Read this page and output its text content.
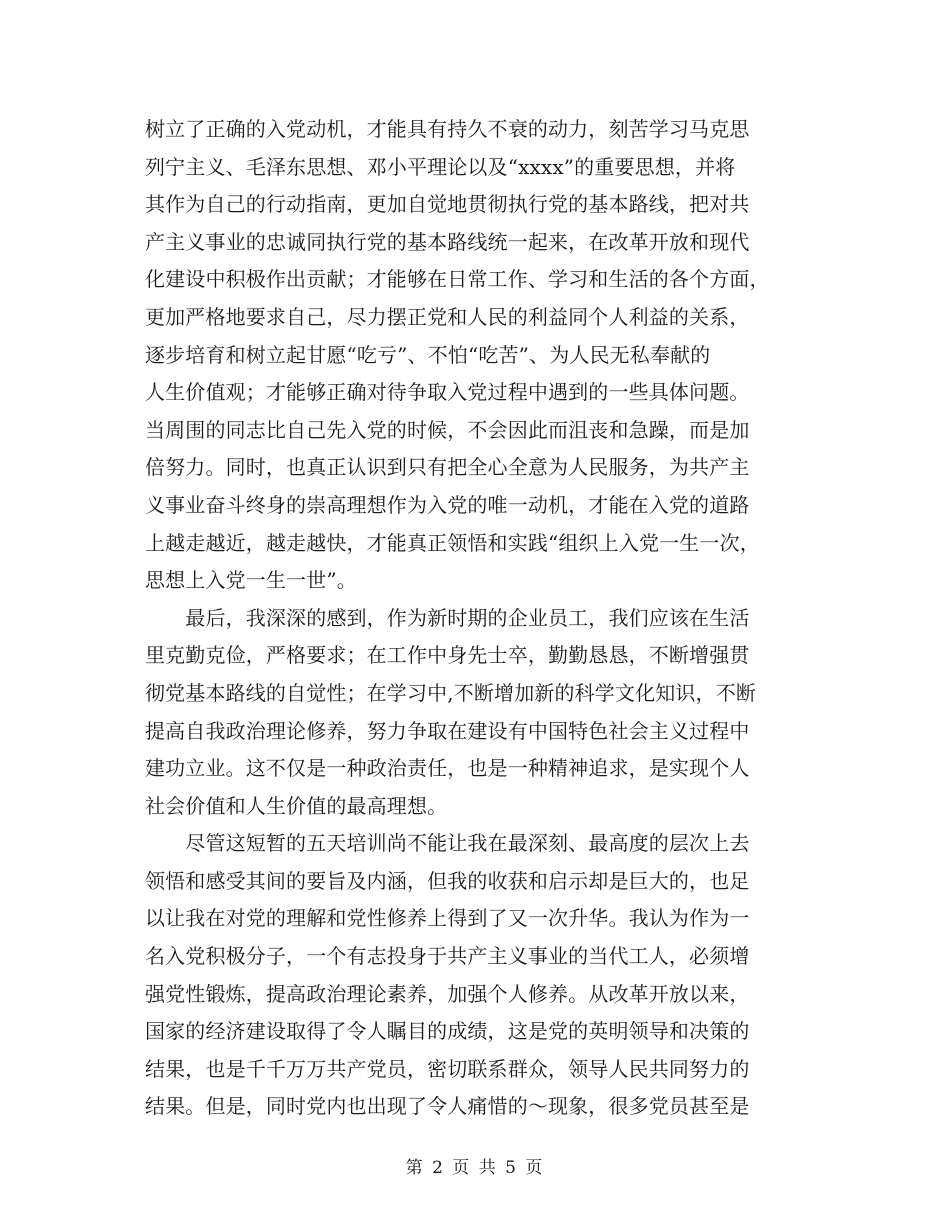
树立了正确的入党动机，才能具有持久不衰的动力，刻苦学习马克思
列宁主义、毛泽东思想、邓小平理论以及“xxxx”的重要思想，并将
其作为自己的行动指南，更加自觉地贯彻执行党的基本路线，把对共
产主义事业的忠诚同执行党的基本路线统一起来，在改革开放和现代
化建设中积极作出贡献；才能够在日常工作、学习和生活的各个方面，
更加严格地要求自己，尽力摆正党和人民的利益同个人利益的关系，
逐步培育和树立起甘愿“吃亏”、不怕“吃苦”、为人民无私奉献的
人生价值观；才能够正确对待争取入党过程中遇到的一些具体问题。
当周围的同志比自己先入党的时候，不会因此而沮丧和急躁，而是加
倍努力。同时，也真正认识到只有把全心全意为人民服务，为共产主
义事业奋斗终身的崇高理想作为入党的唯一动机，才能在入党的道路
上越走越近，越走越快，才能真正领悟和实践“组织上入党一生一次，
思想上入党一生一世”。
　　最后，我深深的感到，作为新时期的企业员工，我们应该在生活
里克勤克俭，严格要求；在工作中身先士卒，勤勤恳恳，不断增强贯
彻党基本路线的自觉性；在学习中,不断增加新的科学文化知识，不断
提高自我政治理论修养，努力争取在建设有中国特色社会主义过程中
建功立业。这不仅是一种政治责任，也是一种精神追求，是实现个人
社会价值和人生价值的最高理想。
　　尽管这短暂的五天培训尚不能让我在最深刻、最高度的层次上去
领悟和感受其间的要旨及内涵，但我的收获和启示却是巨大的，也足
以让我在对党的理解和党性修养上得到了又一次升华。我认为作为一
名入党积极分子，一个有志投身于共产主义事业的当代工人，必须增
强党性锻炼，提高政治理论素养，加强个人修养。从改革开放以来，
国家的经济建设取得了令人瞩目的成绩，这是党的英明领导和决策的
结果，也是千千万万共产党员，密切联系群众，领导人民共同努力的
结果。但是，同时党内也出现了令人痛惜的～现象，很多党员甚至是
第 2 页 共 5 页
